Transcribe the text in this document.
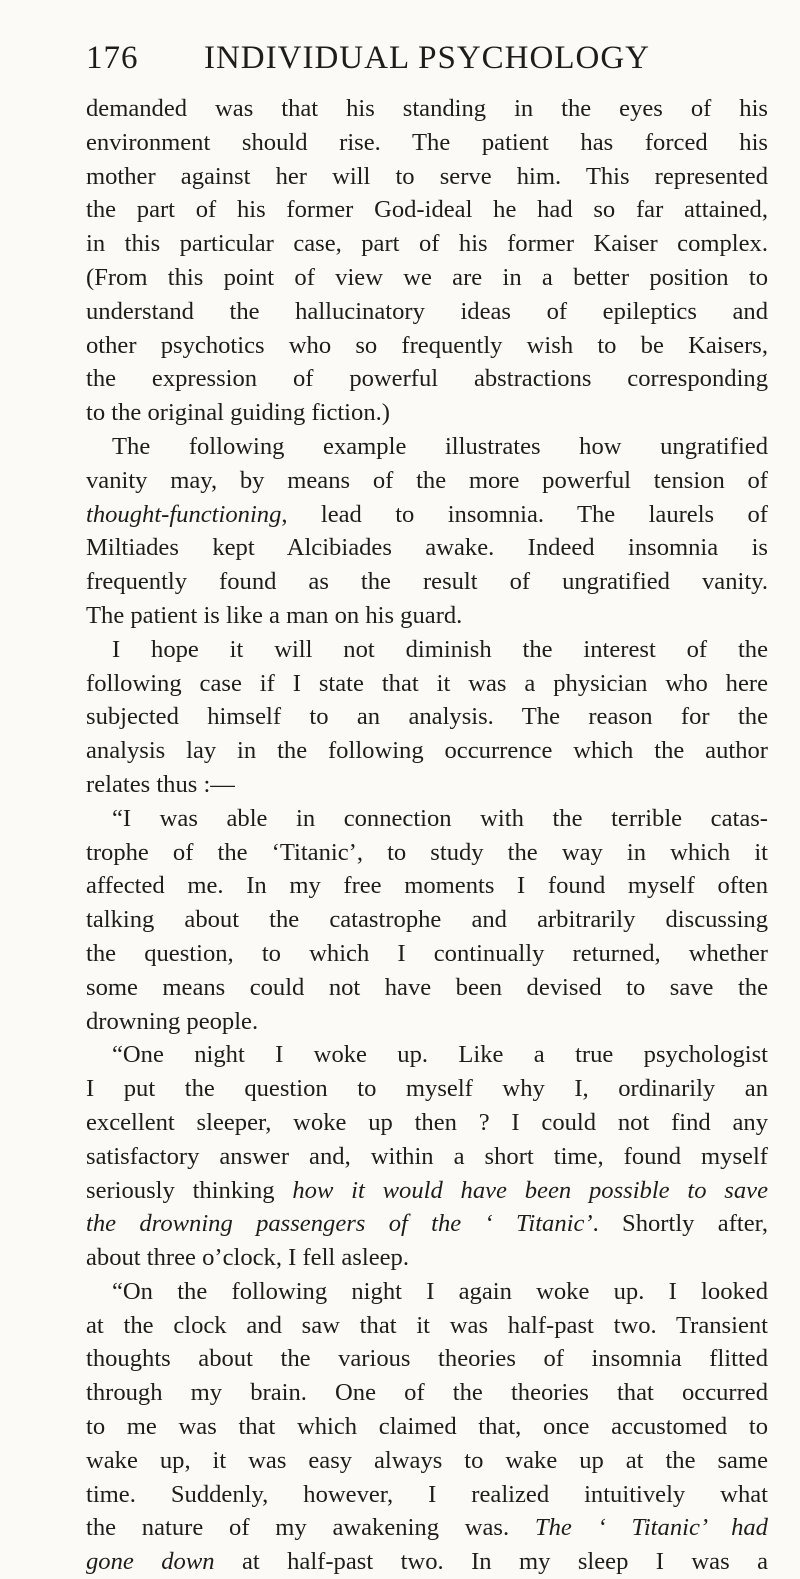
176	INDIVIDUAL PSYCHOLOGY
demanded was that his standing in the eyes of his
environment should rise. The patient has forced his
mother against her will to serve him. This represented
the part of his former God-ideal he had so far attained,
in this particular case, part of his former Kaiser complex.
(From this point of view we are in a better position to
understand the hallucinatory ideas of epileptics and
other psychotics who so frequently wish to be Kaisers,
the expression of powerful abstractions corresponding
to the original guiding fiction.)
The following example illustrates how ungratified
vanity may, by means of the more powerful tension of
thought-functioning, lead to insomnia. The laurels of
Miltiades kept Alcibiades awake. Indeed insomnia is
frequently found as the result of ungratified vanity.
The patient is like a man on his guard.
I hope it will not diminish the interest of the
following case if I state that it was a physician who here
subjected himself to an analysis. The reason for the
analysis lay in the following occurrence which the author
relates thus :—
“I was able in connection with the terrible catas-
trophe of the ‘Titanic’, to study the way in which it
affected me. In my free moments I found myself often
talking about the catastrophe and arbitrarily discussing
the question, to which I continually returned, whether
some means could not have been devised to save the
drowning people.
“One night I woke up. Like a true psychologist
I put the question to myself why I, ordinarily an
excellent sleeper, woke up then ? I could not find any
satisfactory answer and, within a short time, found myself
seriously thinking how it would have been possible to save
the drowning passengers of the ‘ Titanic’. Shortly after,
about three o’clock, I fell asleep.
“On the following night I again woke up. I looked
at the clock and saw that it was half-past two. Transient
thoughts about the various theories of insomnia flitted
through my brain. One of the theories that occurred
to me was that which claimed that, once accustomed to
wake up, it was easy always to wake up at the same
time. Suddenly, however, I realized intuitively what
the nature of my awakening was. The ‘ Titanic’ had
gone down at half-past two. In my sleep I was a
